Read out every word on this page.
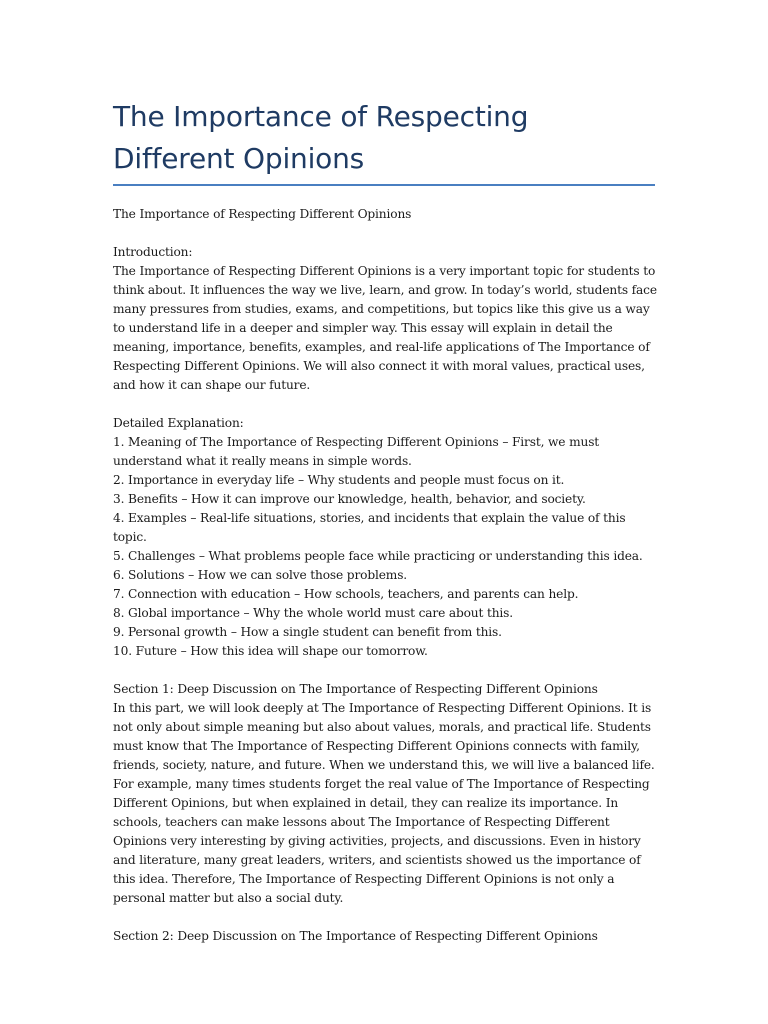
The Importance of Respecting Different Opinions

The Importance of Respecting Different Opinions

Introduction:

The Importance of Respecting Different Opinions is a very important topic for students to think about. It influences the way we live, learn, and grow. In today’s world, students face many pressures from studies, exams, and competitions, but topics like this give us a way to understand life in a deeper and simpler way. This essay will explain in detail the meaning, importance, benefits, examples, and real-life applications of The Importance of Respecting Different Opinions. We will also connect it with moral values, practical uses, and how it can shape our future.

Detailed Explanation:

1. Meaning of The Importance of Respecting Different Opinions – First, we must understand what it really means in simple words.

2. Importance in everyday life – Why students and people must focus on it.

3. Benefits – How it can improve our knowledge, health, behavior, and society.

4. Examples – Real-life situations, stories, and incidents that explain the value of this topic.

5. Challenges – What problems people face while practicing or understanding this idea.

6. Solutions – How we can solve those problems.

7. Connection with education – How schools, teachers, and parents can help.

8. Global importance – Why the whole world must care about this.

9. Personal growth – How a single student can benefit from this.

10. Future – How this idea will shape our tomorrow.

Section 1: Deep Discussion on The Importance of Respecting Different Opinions

In this part, we will look deeply at The Importance of Respecting Different Opinions. It is not only about simple meaning but also about values, morals, and practical life. Students must know that The Importance of Respecting Different Opinions connects with family, friends, society, nature, and future. When we understand this, we will live a balanced life. For example, many times students forget the real value of The Importance of Respecting Different Opinions, but when explained in detail, they can realize its importance. In schools, teachers can make lessons about The Importance of Respecting Different Opinions very interesting by giving activities, projects, and discussions. Even in history and literature, many great leaders, writers, and scientists showed us the importance of this idea. Therefore, The Importance of Respecting Different Opinions is not only a personal matter but also a social duty.

Section 2: Deep Discussion on The Importance of Respecting Different Opinions
